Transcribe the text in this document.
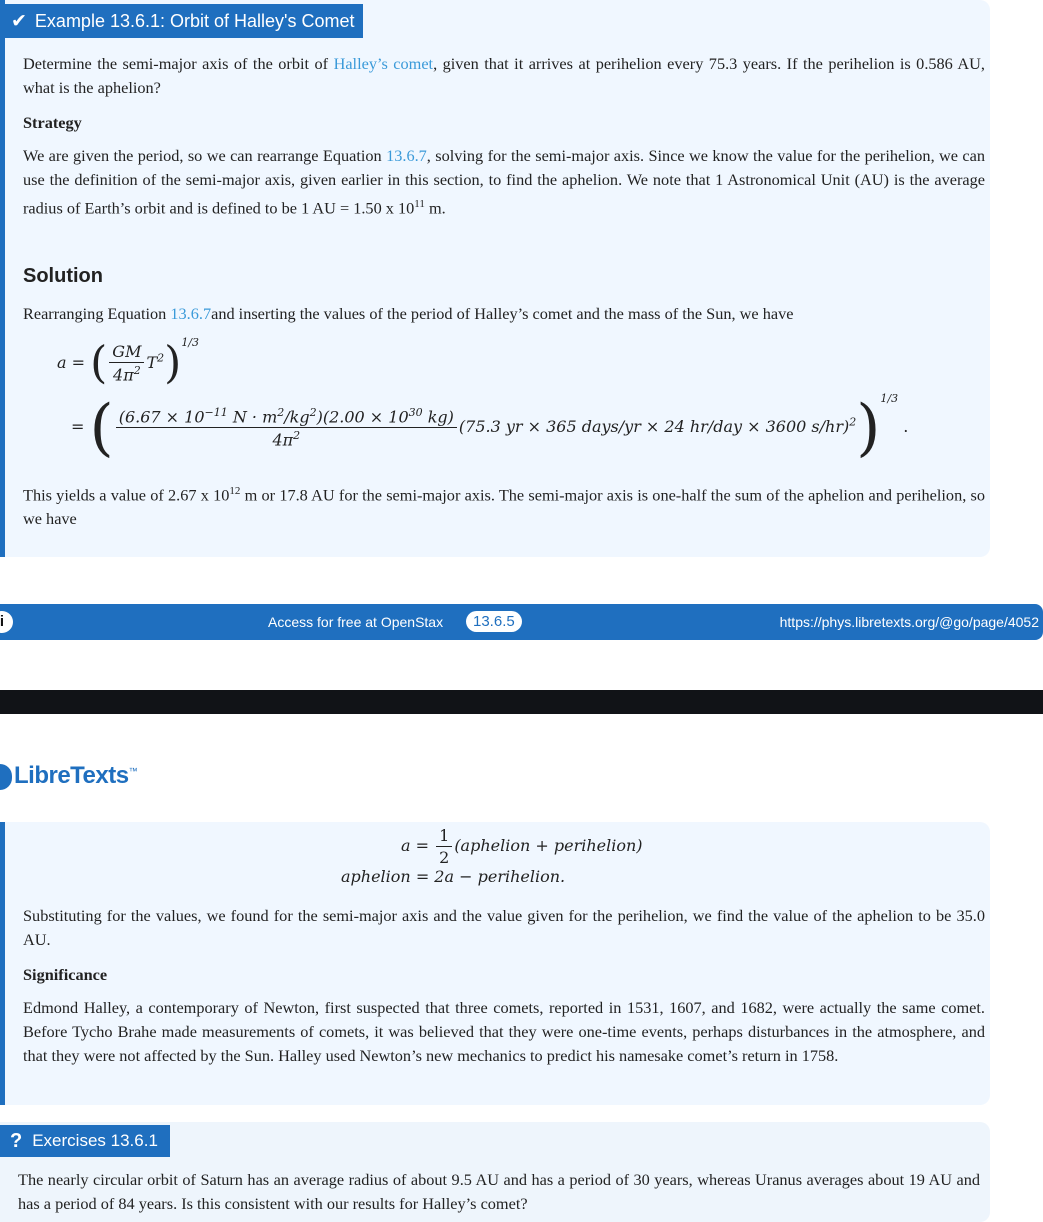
✔ Example 13.6.1: Orbit of Halley's Comet
Determine the semi-major axis of the orbit of Halley’s comet, given that it arrives at perihelion every 75.3 years. If the perihelion is 0.586 AU, what is the aphelion?
Strategy
We are given the period, so we can rearrange Equation 13.6.7, solving for the semi-major axis. Since we know the value for the perihelion, we can use the definition of the semi-major axis, given earlier in this section, to find the aphelion. We note that 1 Astronomical Unit (AU) is the average radius of Earth’s orbit and is defined to be 1 AU = 1.50 x $10^{11}$ m.
Solution
Rearranging Equation 13.6.7and inserting the values of the period of Halley’s comet and the mass of the Sun, we have
a = ( $\frac{GM}{4\pi^2} T^2)^{1/3}$
= ( $\frac{(6.67 \times 10^{-11} N \cdot m^2/kg^2)(2.00 \times 10^{30} kg)}{4\pi^2} (75.3$ yr × 365 days/yr × 24 hr/day × 3600 s/hr)$^2$)$^{1/3}$ .
This yields a value of 2.67 x $10^{12}$ m or 17.8 AU for the semi-major axis. The semi-major axis is one-half the sum of the aphelion and perihelion, so we have
i	Access for free at OpenStax	13.6.5	https://phys.libretexts.org/@go/page/4052
LibreTexts™
$a = \frac{1}{2}$ (aphelion + perihelion)
aphelion = 2a − perihelion.
Substituting for the values, we found for the semi-major axis and the value given for the perihelion, we find the value of the aphelion to be 35.0 AU.
Significance
Edmond Halley, a contemporary of Newton, first suspected that three comets, reported in 1531, 1607, and 1682, were actually the same comet. Before Tycho Brahe made measurements of comets, it was believed that they were one-time events, perhaps disturbances in the atmosphere, and that they were not affected by the Sun. Halley used Newton’s new mechanics to predict his namesake comet’s return in 1758.
The nearly circular orbit of Saturn has an average radius of about 9.5 AU and has a period of 30 years, whereas Uranus averages about 19 AU and has a period of 84 years. Is this consistent with our results for Halley’s comet?
? Exercises 13.6.1
